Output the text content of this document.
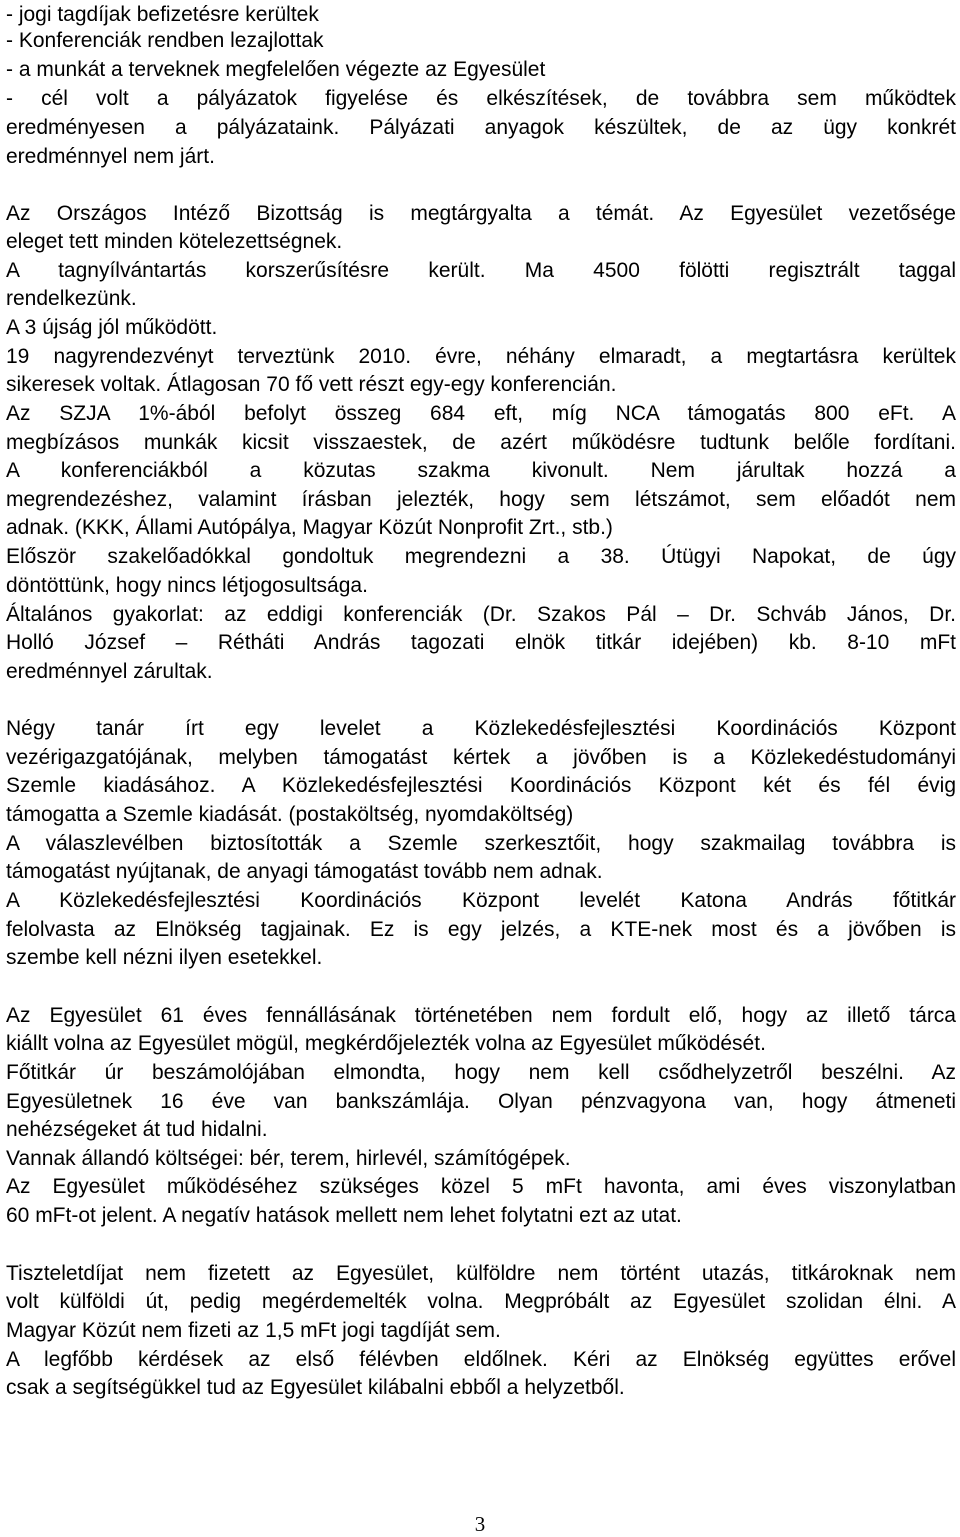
- jogi tagdíjak befizetésre kerültek
- Konferenciák rendben lezajlottak
- a munkát a terveknek megfelelően végezte az Egyesület
- cél volt a pályázatok figyelése és elkészítések, de továbbra sem működtek
eredményesen a pályázataink. Pályázati anyagok készültek, de az ügy konkrét
eredménnyel nem járt.
Az Országos Intéző Bizottság is megtárgyalta a témát. Az Egyesület vezetősége
eleget tett minden kötelezettségnek.
A tagnyílvántartás korszerűsítésre került. Ma 4500 fölötti regisztrált taggal
rendelkezünk.
A 3 újság jól működött.
19 nagyrendezvényt terveztünk 2010. évre, néhány elmaradt, a megtartásra kerültek
sikeresek voltak. Átlagosan 70 fő vett részt egy-egy konferencián.
Az SZJA 1%-ából befolyt összeg 684 eft, míg NCA támogatás 800 eFt. A
megbízásos munkák kicsit visszaestek, de azért működésre tudtunk belőle fordítani.
A konferenciákból a közutas szakma kivonult. Nem járultak hozzá a
megrendezéshez, valamint írásban jelezték, hogy sem létszámot, sem előadót nem
adnak. (KKK, Állami Autópálya, Magyar Közút Nonprofit Zrt., stb.)
Először szakelőadókkal gondoltuk megrendezni a 38. Útügyi Napokat, de úgy
döntöttünk, hogy nincs létjogosultsága.
Általános gyakorlat: az eddigi konferenciák (Dr. Szakos Pál – Dr. Schváb János, Dr.
Holló József – Rétháti András tagozati elnök titkár idejében) kb. 8-10 mFt
eredménnyel zárultak.
Négy tanár írt egy levelet a Közlekedésfejlesztési Koordinációs Központ
vezérigazgatójának, melyben támogatást kértek a jövőben is a Közlekedéstudományi
Szemle kiadásához. A Közlekedésfejlesztési Koordinációs Központ két és fél évig
támogatta a Szemle kiadását. (postaköltség, nyomdaköltség)
A válaszlevélben biztosították a Szemle szerkesztőit, hogy szakmailag továbbra is
támogatást nyújtanak, de anyagi támogatást tovább nem adnak.
A Közlekedésfejlesztési Koordinációs Központ levelét Katona András főtitkár
felolvasta az Elnökség tagjainak. Ez is egy jelzés, a KTE-nek most és a jövőben is
szembe kell nézni ilyen esetekkel.
Az Egyesület 61 éves fennállásának történetében nem fordult elő, hogy az illető tárca
kiállt volna az Egyesület mögül, megkérdőjelezték volna az Egyesület működését.
Főtitkár úr beszámolójában elmondta, hogy nem kell csődhelyzetről beszélni. Az
Egyesületnek 16 éve van bankszámlája. Olyan pénzvagyona van, hogy átmeneti
nehézségeket át tud hidalni.
Vannak állandó költségei: bér, terem, hirlevél, számítógépek.
Az Egyesület működéséhez szükséges közel 5 mFt havonta, ami éves viszonylatban
60 mFt-ot jelent. A negatív hatások mellett nem lehet folytatni ezt az utat.
Tiszteletdíjat nem fizetett az Egyesület, külföldre nem történt utazás, titkároknak nem
volt külföldi út, pedig megérdemelték volna. Megpróbált az Egyesület szolidan élni. A
Magyar Közút nem fizeti az 1,5 mFt jogi tagdíját sem.
A legfőbb kérdések az első félévben eldőlnek. Kéri az Elnökség együttes erővel
csak a segítségükkel tud az Egyesület kilábalni ebből a helyzetből.
3
